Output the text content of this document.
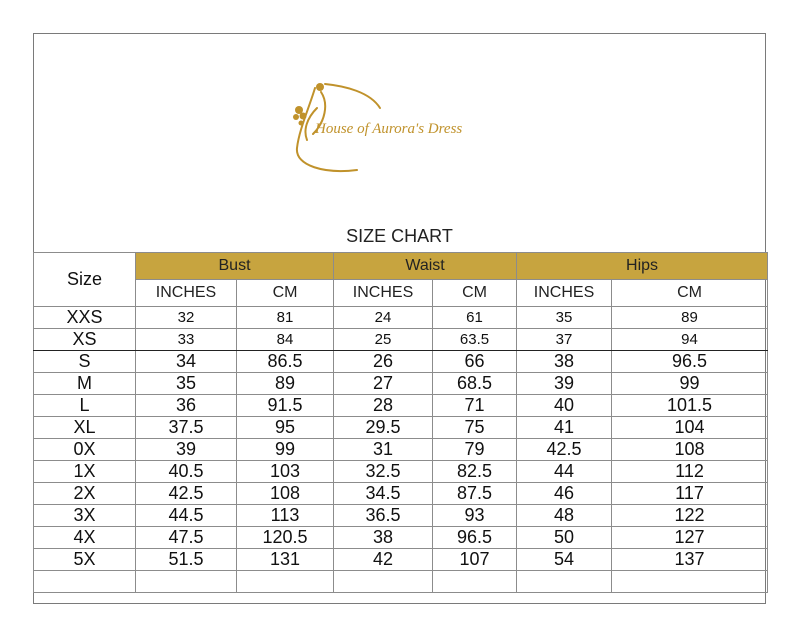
House of Aurora's Dress
SIZE CHART
Size	Bust		Waist		Hips	
	INCHES	CM	INCHES	CM	INCHES	CM
XXS	32	81	24	61	35	89
XS	33	84	25	63.5	37	94
S	34	86.5	26	66	38	96.5
M	35	89	27	68.5	39	99
L	36	91.5	28	71	40	101.5
XL	37.5	95	29.5	75	41	104
0X	39	99	31	79	42.5	108
1X	40.5	103	32.5	82.5	44	112
2X	42.5	108	34.5	87.5	46	117
3X	44.5	113	36.5	93	48	122
4X	47.5	120.5	38	96.5	50	127
5X	51.5	131	42	107	54	137
